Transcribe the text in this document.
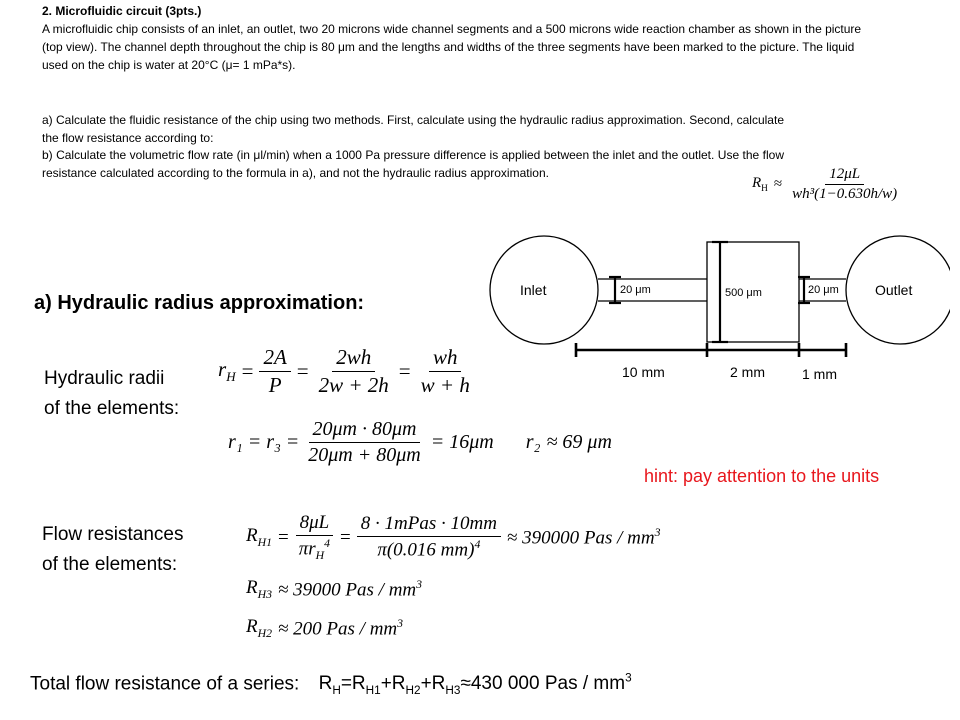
2. Microfluidic circuit (3pts.)
A microfluidic chip consists of an inlet, an outlet, two 20 microns wide channel segments and a 500 microns wide reaction chamber as shown in the picture (top view). The channel depth throughout the chip is 80 μm and the lengths and widths of the three segments have been marked to the picture. The liquid used on the chip is water at 20°C (μ= 1 mPa*s).
a) Calculate the fluidic resistance of the chip using two methods. First, calculate using the hydraulic radius approximation. Second, calculate the flow resistance according to:
b) Calculate the volumetric flow rate (in μl/min) when a 1000 Pa pressure difference is applied between the inlet and the outlet. Use the flow resistance calculated according to the formula in a), and not the hydraulic radius approximation.
$R_H \approx \frac{12\mu L}{\text{wh³(1−0.630h/w)}}$
Inlet	Outlet
20 μm	500 μm	20 μm
10 mm	2 mm	1 mm
a) Hydraulic radius approximation:
Hydraulic radii
of the elements:
$r_H = \frac{2A}{P} = \frac{2wh}{2w + 2h} = \frac{wh}{w + h}$
$r_1 = r_3 = \frac{20\mu m \cdot 80\mu m}{20\mu m + 80\mu m} = 16\mu m$ r₂ ≈ 69 μm
hint: pay attention to the units
Flow resistances
of the elements:
$R_{H1} = \frac{8\mu L}{\pi r_H^4} = \frac{\text{8 · 1mPas · 10mm}}{\pi(0.016 mm)^4} \approx 390000$ Pas / $mm^3$
$R_{H3} \approx 39000$ Pas / $mm^3$
$R_{H2} \approx 200$ Pas / $mm^3$
Total flow resistance of a series: $R_H=R_{H1}+R_{H2}+R_{H3}\approx 430$ 000 Pas / $mm^3$
